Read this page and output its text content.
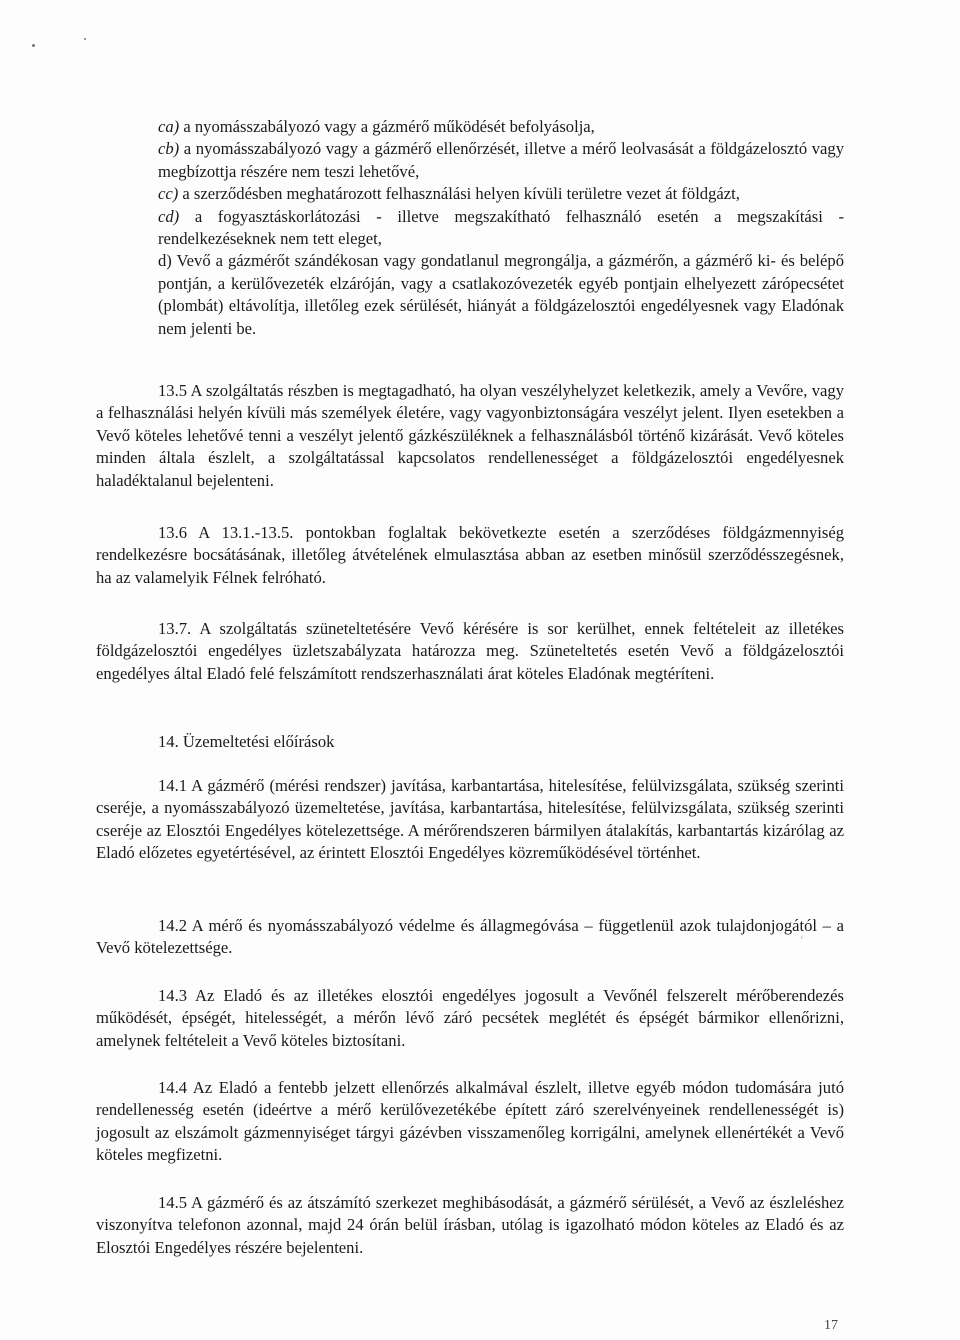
ca) a nyomásszabályozó vagy a gázmérő működését befolyásolja,

cb) a nyomásszabályozó vagy a gázmérő ellenőrzését, illetve a mérő leolvasását a földgázelosztó vagy megbízottja részére nem teszi lehetővé,

cc) a szerződésben meghatározott felhasználási helyen kívüli területre vezet át földgázt,

cd) a fogyasztáskorlátozási - illetve megszakítható felhasználó esetén a megszakítási - rendelkezéseknek nem tett eleget,

d) Vevő a gázmérőt szándékosan vagy gondatlanul megrongálja, a gázmérőn, a gázmérő ki- és belépő pontján, a kerülővezeték elzáróján, vagy a csatlakozóvezeték egyéb pontjain elhelyezett zárópecsétet (plombát) eltávolítja, illetőleg ezek sérülését, hiányát a földgázelosztói engedélyesnek vagy Eladónak nem jelenti be.

13.5 A szolgáltatás részben is megtagadható, ha olyan veszélyhelyzet keletkezik, amely a Vevőre, vagy a felhasználási helyén kívüli más személyek életére, vagy vagyonbiztonságára veszélyt jelent. Ilyen esetekben a Vevő köteles lehetővé tenni a veszélyt jelentő gázkészüléknek a felhasználásból történő kizárását. Vevő köteles minden általa észlelt, a szolgáltatással kapcsolatos rendellenességet a földgázelosztói engedélyesnek haladéktalanul bejelenteni.

13.6 A 13.1.-13.5. pontokban foglaltak bekövetkezte esetén a szerződéses földgázmennyiség rendelkezésre bocsátásának, illetőleg átvételének elmulasztása abban az esetben minősül szerződésszegésnek, ha az valamelyik Félnek felróható.

13.7. A szolgáltatás szüneteltetésére Vevő kérésére is sor kerülhet, ennek feltételeit az illetékes földgázelosztói engedélyes üzletszabályzata határozza meg. Szüneteltetés esetén Vevő a földgázelosztói engedélyes által Eladó felé felszámított rendszerhasználati árat köteles Eladónak megtéríteni.

14. Üzemeltetési előírások

14.1 A gázmérő (mérési rendszer) javítása, karbantartása, hitelesítése, felülvizsgálata, szükség szerinti cseréje, a nyomásszabályozó üzemeltetése, javítása, karbantartása, hitelesítése, felülvizsgálata, szükség szerinti cseréje az Elosztói Engedélyes kötelezettsége. A mérőrendszeren bármilyen átalakítás, karbantartás kizárólag az Eladó előzetes egyetértésével, az érintett Elosztói Engedélyes közreműködésével történhet.

14.2 A mérő és nyomásszabályozó védelme és állagmegóvása – függetlenül azok tulajdonjogától – a Vevő kötelezettsége.	ʿ

14.3 Az Eladó és az illetékes elosztói engedélyes jogosult a Vevőnél felszerelt mérőberendezés működését, épségét, hitelességét, a mérőn lévő záró pecsétek meglétét és épségét bármikor ellenőrizni, amelynek feltételeit a Vevő köteles biztosítani.

14.4 Az Eladó a fentebb jelzett ellenőrzés alkalmával észlelt, illetve egyéb módon tudomására jutó rendellenesség esetén (ideértve a mérő kerülővezetékébe épített záró szerelvényeinek rendellenességét is) jogosult az elszámolt gázmennyiséget tárgyi gázévben visszamenőleg korrigálni, amelynek ellenértékét a Vevő köteles megfizetni.

14.5 A gázmérő és az átszámító szerkezet meghibásodását, a gázmérő sérülését, a Vevő az észleléshez viszonyítva telefonon azonnal, majd 24 órán belül írásban, utólag is igazolható módon köteles az Eladó és az Elosztói Engedélyes részére bejelenteni.

17
